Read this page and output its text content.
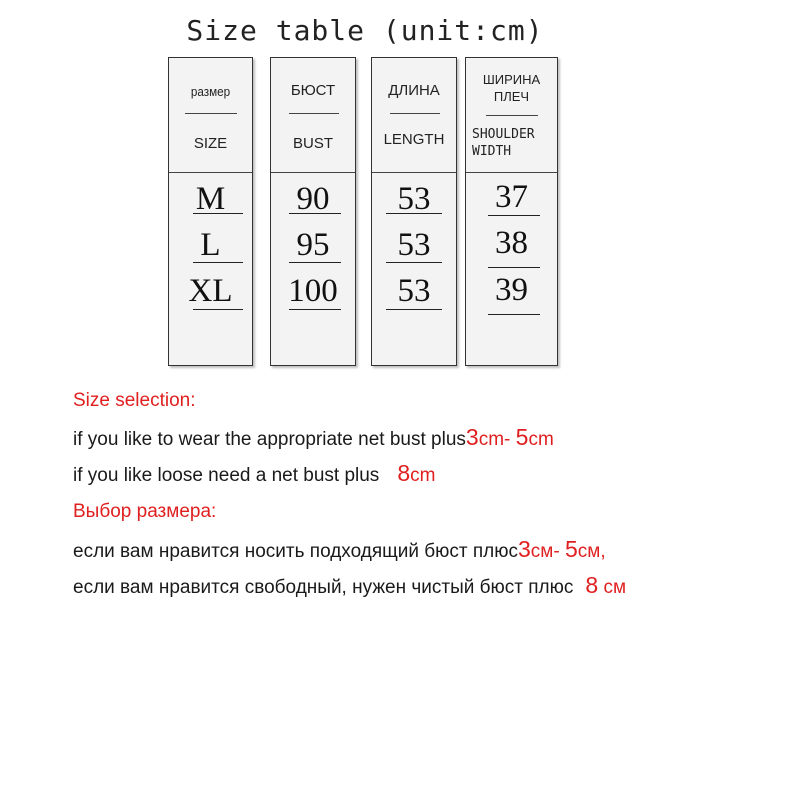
Size table (unit:cm)
размер
SIZE
M
L
XL
БЮСТ
BUST
90
95
100
ДЛИНА
LENGTH
53
53
53
ШИРИНА
ПЛЕЧ
SHOULDER
WIDTH
37
38
39
Size selection:
if you like to wear the appropriate net bust plus3cm- 5cm
if you like loose need a net bust plus 8cm
Выбор размера:
если вам нравится носить подходящий бюст плюс3см- 5см,
если вам нравится свободный, нужен чистый бюст плюс 8 см
